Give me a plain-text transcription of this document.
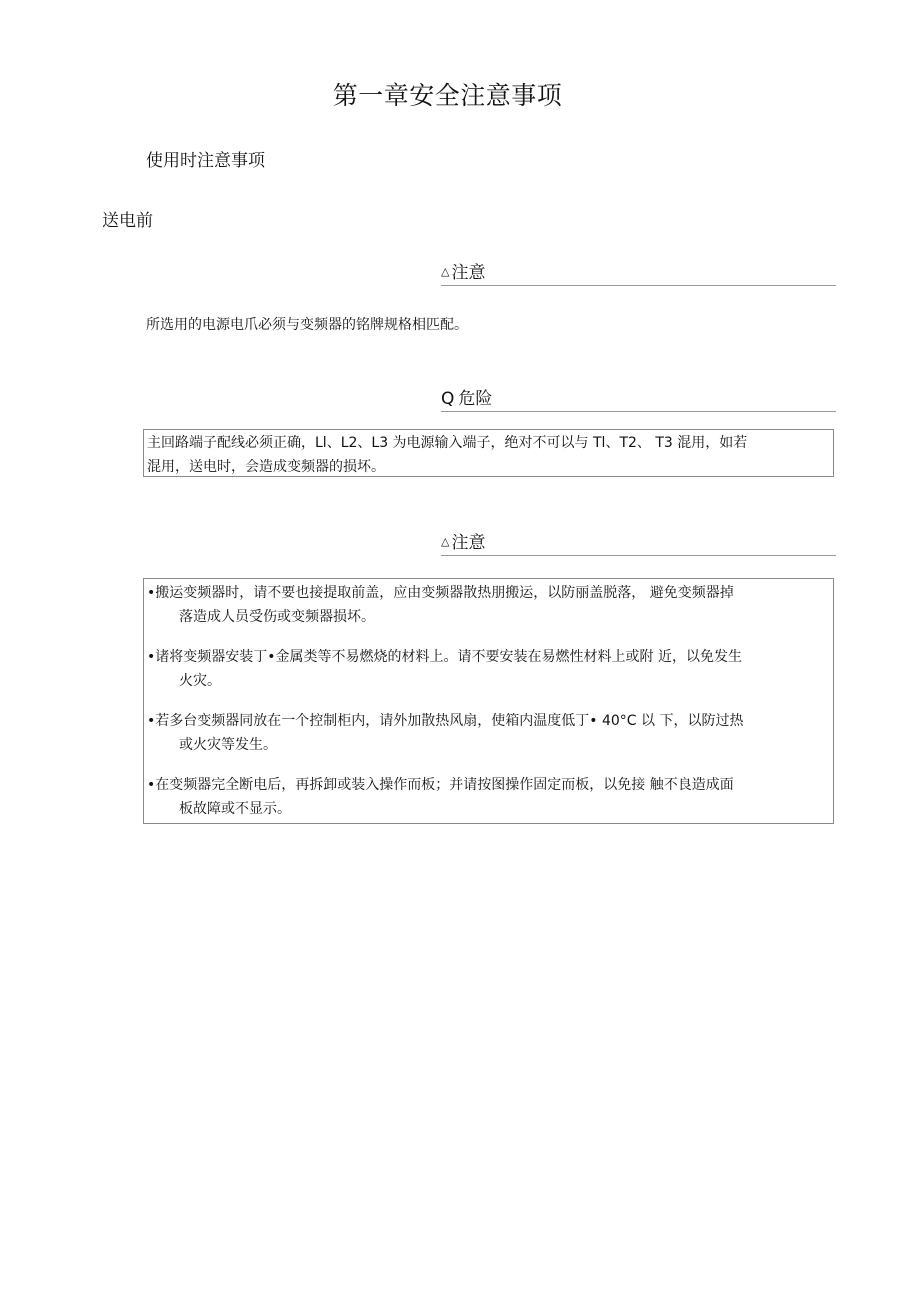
第一章安全注意事项
使用时注意事项
送电前
△ 注意
所选用的电源电爪必须与变频器的铭牌规格相匹配。
Q 危险
主回路端子配线必须正确，Ll、L2、L3 为电源输入端子，绝对不可以与 Tl、T2、 T3 混用，如若
混用，送电时，会造成变频器的损坏。
△ 注意
•搬运变频器时，请不要也接提取前盖，应由变频器散热朋搬运，以防丽盖脱落， 避免变频器掉
落造成人员受伤或变频器损坏。
•诸将变频器安装丁•金属类等不易燃烧的材料上。请不要安装在易燃性材料上或附 近，以免发生
火灾。
•若多台变频器同放在一个控制柜内，请外加散热风扇，使箱内温度低丁• 40°C 以 下，以防过热
或火灾等发生。
•在变频器完全断电后，再拆卸或装入操作而板；并请按图操作固定而板，以免接 触不良造成面
板故障或不显示。
